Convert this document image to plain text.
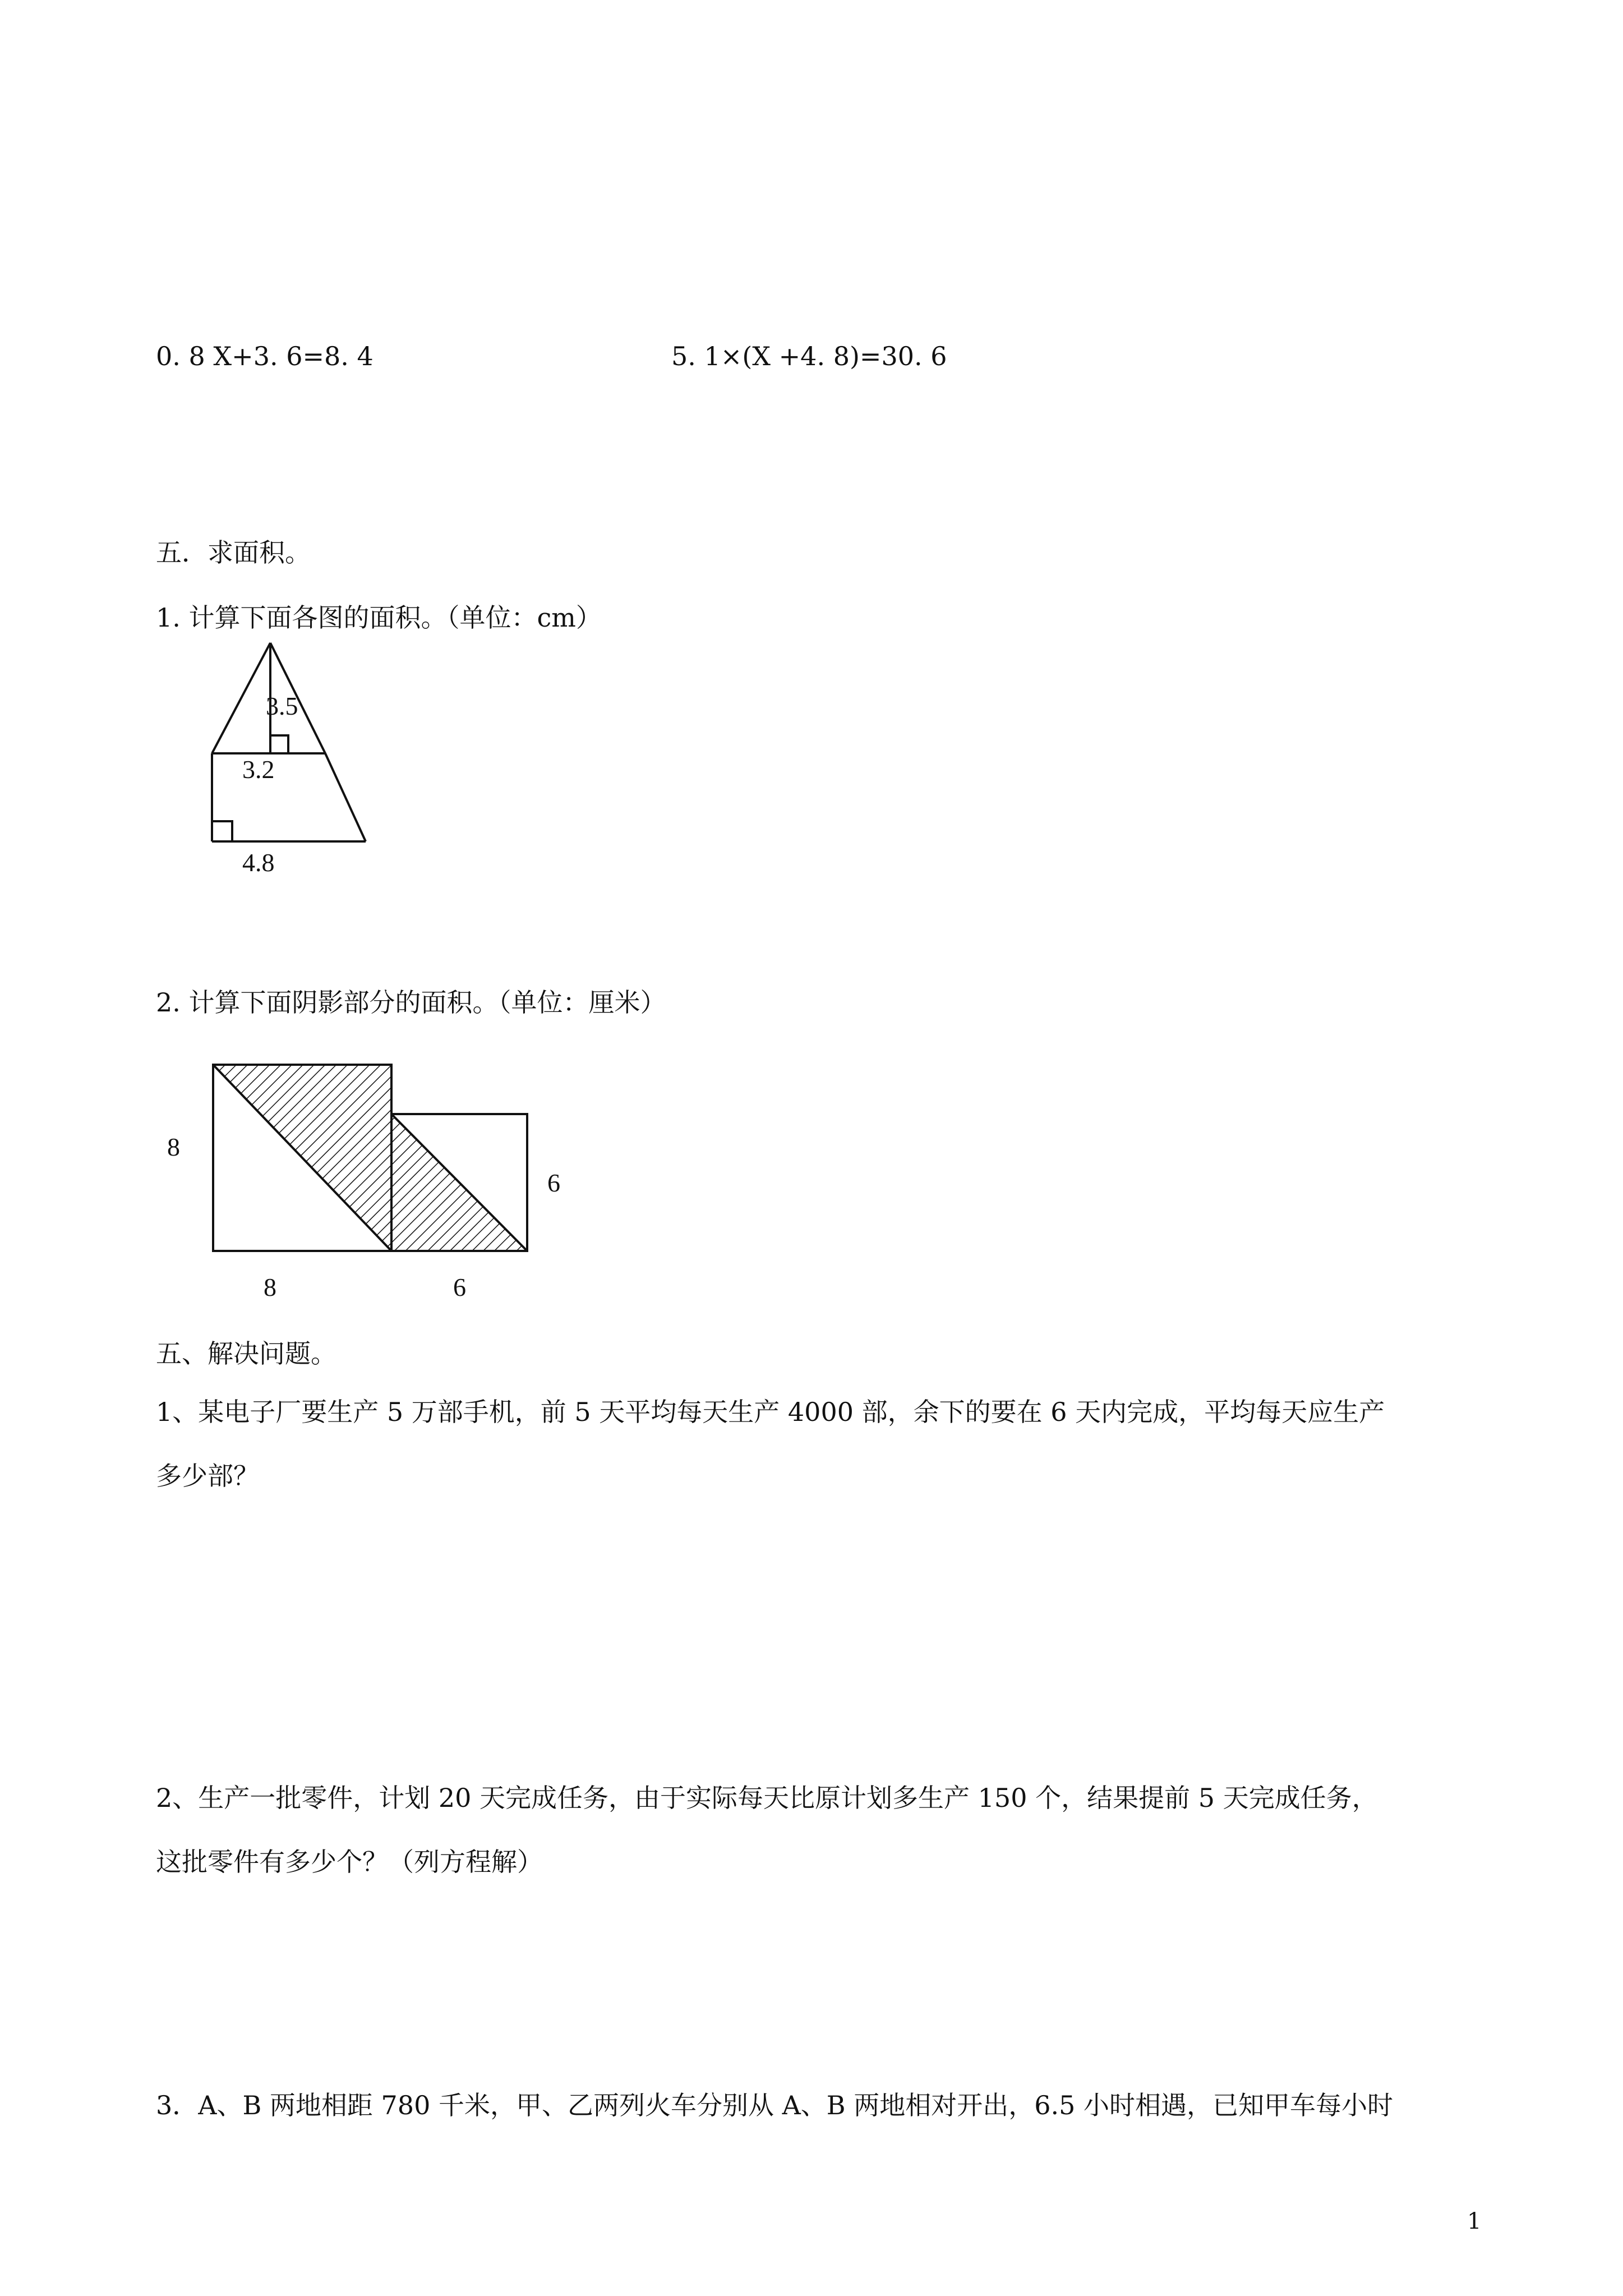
0. 8 X+3. 6=8. 4	5. 1×(X +4. 8)=30. 6

五．求面积。

1. 计算下面各图的面积。（单位：cm）

3.5
3.2
4.8

2. 计算下面阴影部分的面积。（单位：厘米）

8
6
8	6

五、解决问题。

1、某电子厂要生产 5 万部手机，前 5 天平均每天生产 4000 部，余下的要在 6 天内完成，平均每天应生产

多少部？

2、生产一批零件，计划 20 天完成任务，由于实际每天比原计划多生产 150 个，结果提前 5 天完成任务，

这批零件有多少个？（列方程解）

3．A、B 两地相距 780 千米，甲、乙两列火车分别从 A、B 两地相对开出，6.5 小时相遇，已知甲车每小时

1
